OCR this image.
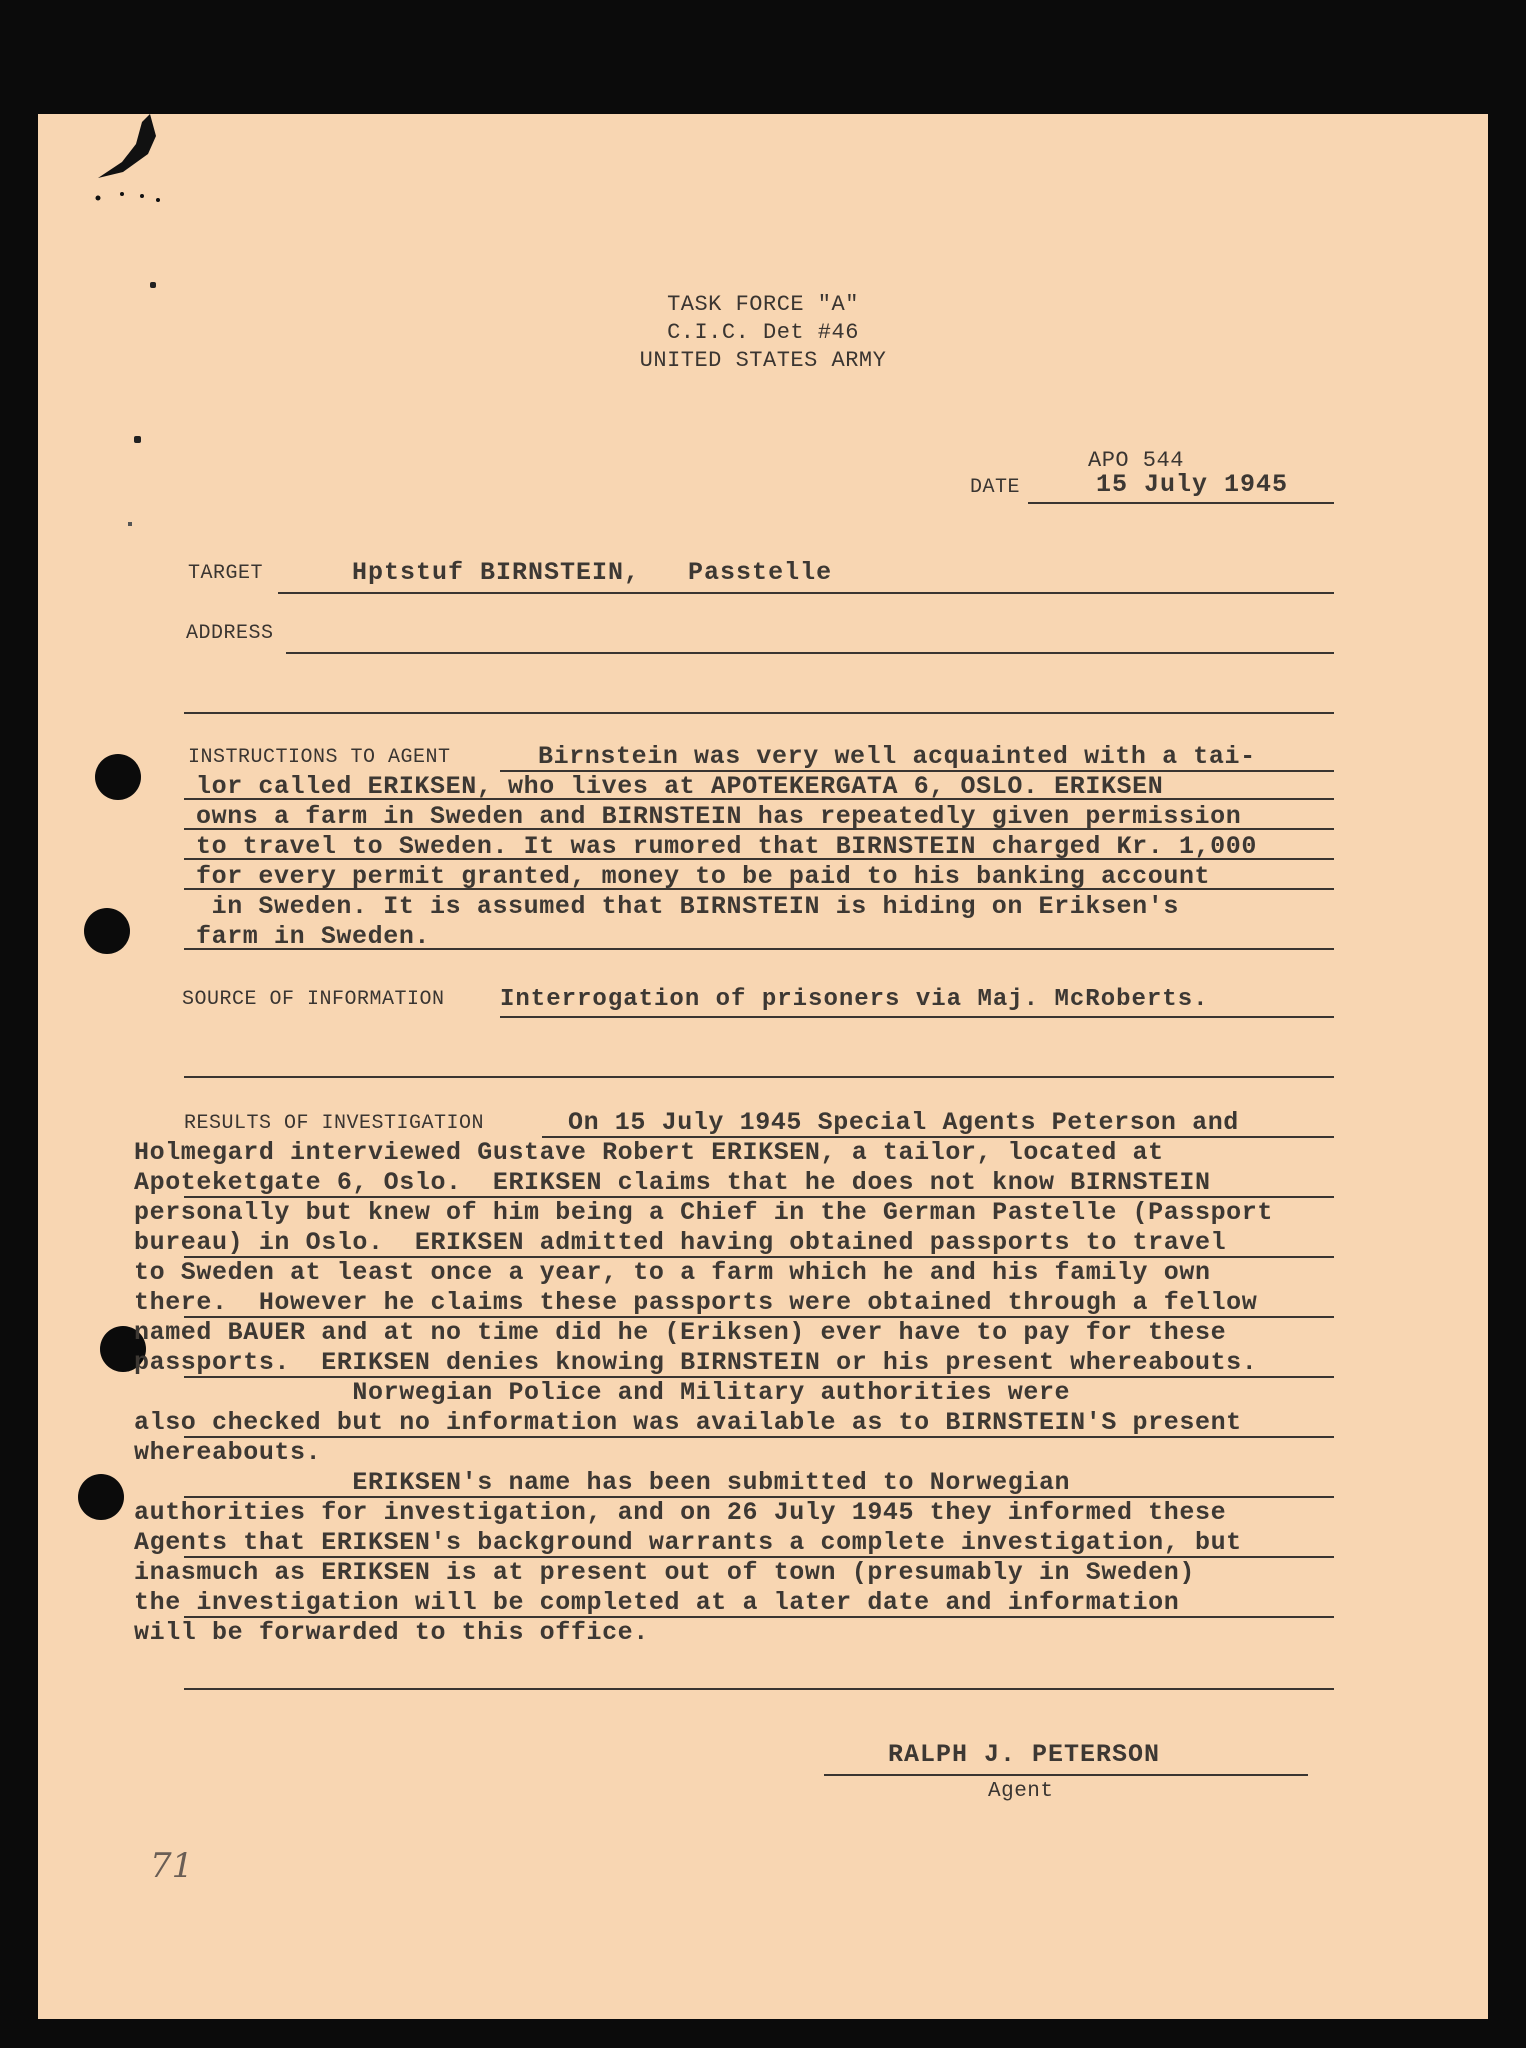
TASK FORCE "A"
C.I.C. Det #46
UNITED STATES ARMY
APO 544
DATE	15 July 1945
TARGET	Hptstuf BIRNSTEIN,   Passtelle
ADDRESS
INSTRUCTIONS TO AGENT	Birnstein was very well acquainted with a tai-
lor called ERIKSEN, who lives at APOTEKERGATA 6, OSLO. ERIKSEN
owns a farm in Sweden and BIRNSTEIN has repeatedly given permission
to travel to Sweden. It was rumored that BIRNSTEIN charged Kr. 1,000
for every permit granted, money to be paid to his banking account
in Sweden. It is assumed that BIRNSTEIN is hiding on Eriksen's
farm in Sweden.
SOURCE OF INFORMATION Interrogation of prisoners via Maj. McRoberts.
RESULTS OF INVESTIGATION	On 15 July 1945 Special Agents Peterson and
Holmegard interviewed Gustave Robert ERIKSEN, a tailor, located at
Apoteketgate 6, Oslo.  ERIKSEN claims that he does not know BIRNSTEIN
personally but knew of him being a Chief in the German Pastelle (Passport
bureau) in Oslo.  ERIKSEN admitted having obtained passports to travel
to Sweden at least once a year, to a farm which he and his family own
there.  However he claims these passports were obtained through a fellow
named BAUER and at no time did he (Eriksen) ever have to pay for these
passports.  ERIKSEN denies knowing BIRNSTEIN or his present whereabouts.
Norwegian Police and Military authorities were
also checked but no information was available as to BIRNSTEIN'S present
whereabouts.
ERIKSEN's name has been submitted to Norwegian
authorities for investigation, and on 26 July 1945 they informed these
Agents that ERIKSEN's background warrants a complete investigation, but
inasmuch as ERIKSEN is at present out of town (presumably in Sweden)
the investigation will be completed at a later date and information
will be forwarded to this office.
RALPH J. PETERSON
Agent
71
